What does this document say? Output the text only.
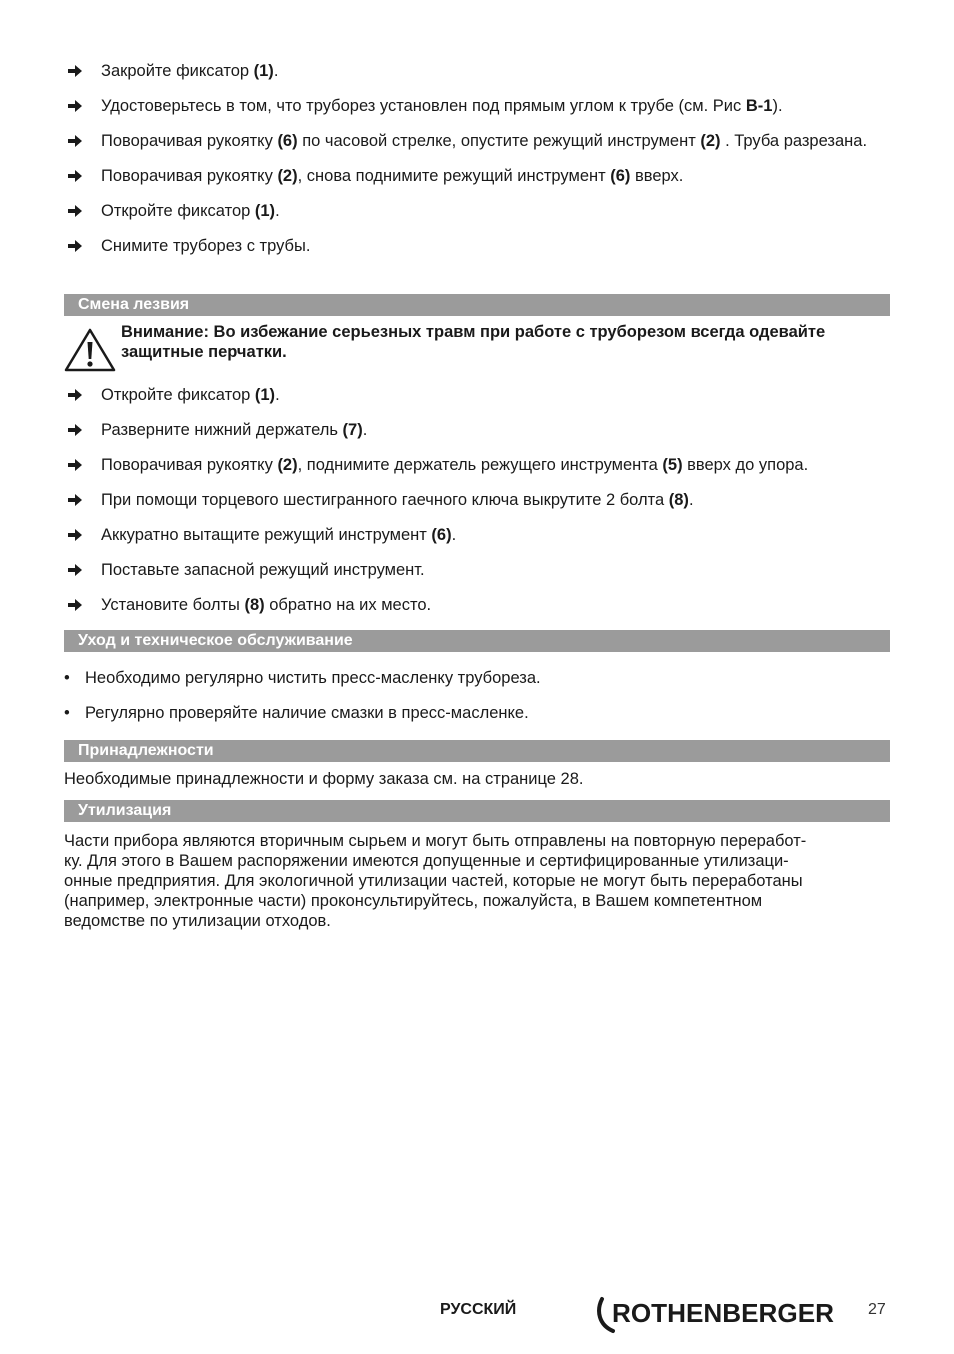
Закройте фиксатор (1).
Удостоверьтесь в том, что труборез установлен под прямым углом к трубе (см. Рис B-1).
Поворачивая рукоятку (6) по часовой стрелке, опустите режущий инструмент (2) . Труба разрезана.
Поворачивая рукоятку (2), снова поднимите режущий инструмент (6) вверх.
Откройте фиксатор (1).
Снимите труборез с трубы.
Смена лезвия
Внимание: Во избежание серьезных травм при работе с труборезом всегда одевайте защитные перчатки.
Откройте фиксатор (1).
Разверните нижний держатель (7).
Поворачивая рукоятку (2), поднимите держатель режущего инструмента (5) вверх до упора.
При помощи торцевого шестигранного гаечного ключа выкрутите 2 болта (8).
Аккуратно вытащите режущий инструмент (6).
Поставьте запасной режущий инструмент.
Установите болты (8) обратно на их место.
Уход и техническое обслуживание
• Необходимо регулярно чистить пресс-масленку трубореза.
• Регулярно проверяйте наличие смазки в пресс-масленке.
Принадлежности

Необходимые принадлежности и форму заказа см. на странице 28.

Утилизация
Части прибора являются вторичным сырьем и могут быть отправлены на повторную переработ-
ку. Для этого в Вашем распоряжении имеются допущенные и сертифицированные утилизаци-
онные предприятия. Для экологичной утилизации частей, которые не могут быть переработаны
(например, электронные части) проконсультируйтесь, пожалуйста, в Вашем компетентном
ведомстве по утилизации отходов.
РУССКИЙ	ROTHENBERGER 27
